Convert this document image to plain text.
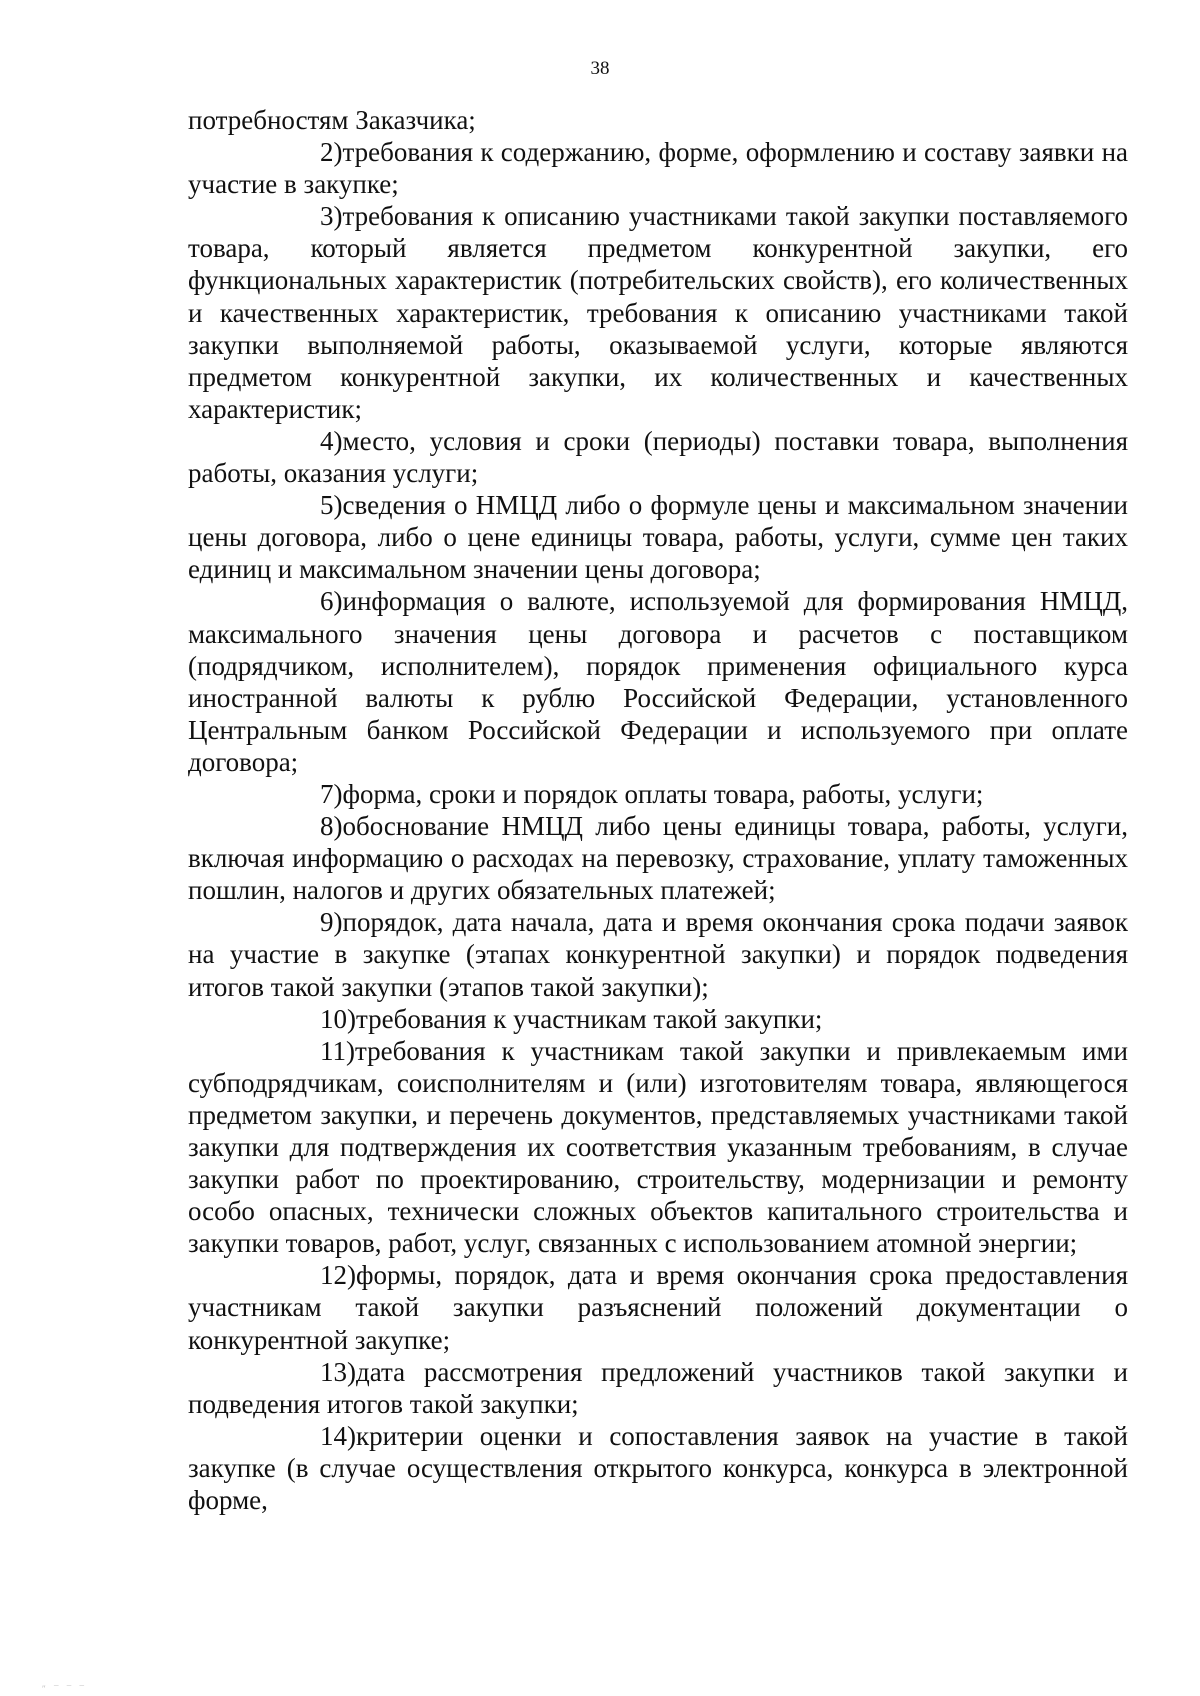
38

потребностям Заказчика;

2)требования к содержанию, форме, оформлению и составу заявки на участие в закупке;

3)требования к описанию участниками такой закупки поставляемого товара, который является предметом конкурентной закупки, его функциональных характеристик (потребительских свойств), его количественных и качественных характеристик, требования к описанию участниками такой закупки выполняемой работы, оказываемой услуги, которые являются предметом конкурентной закупки, их количественных и качественных характеристик;

4)место, условия и сроки (периоды) поставки товара, выполнения работы, оказания услуги;

5)сведения о НМЦД либо о формуле цены и максимальном значении цены договора, либо о цене единицы товара, работы, услуги, сумме цен таких единиц и максимальном значении цены договора;

6)информация о валюте, используемой для формирования НМЦД, максимального значения цены договора и расчетов с поставщиком (подрядчиком, исполнителем), порядок применения официального курса иностранной валюты к рублю Российской Федерации, установленного Центральным банком Российской Федерации и используемого при оплате договора;

7)форма, сроки и порядок оплаты товара, работы, услуги;

8)обоснование НМЦД либо цены единицы товара, работы, услуги, включая информацию о расходах на перевозку, страхование, уплату таможенных пошлин, налогов и других обязательных платежей;

9)порядок, дата начала, дата и время окончания срока подачи заявок на участие в закупке (этапах конкурентной закупки) и порядок подведения итогов такой закупки (этапов такой закупки);

10)требования к участникам такой закупки;

11)требования к участникам такой закупки и привлекаемым ими субподрядчикам, соисполнителям и (или) изготовителям товара, являющегося предметом закупки, и перечень документов, представляемых участниками такой закупки для подтверждения их соответствия указанным требованиям, в случае закупки работ по проектированию, строительству, модернизации и ремонту особо опасных, технически сложных объектов капитального строительства и закупки товаров, работ, услуг, связанных с использованием атомной энергии;

12)формы, порядок, дата и время окончания срока предоставления участникам такой закупки разъяснений положений документации о конкурентной закупке;

13)дата рассмотрения предложений участников такой закупки и подведения итогов такой закупки;

14)критерии оценки и сопоставления заявок на участие в такой закупке (в случае осуществления открытого конкурса, конкурса в электронной форме,

″ ¯ ¯ ¯
